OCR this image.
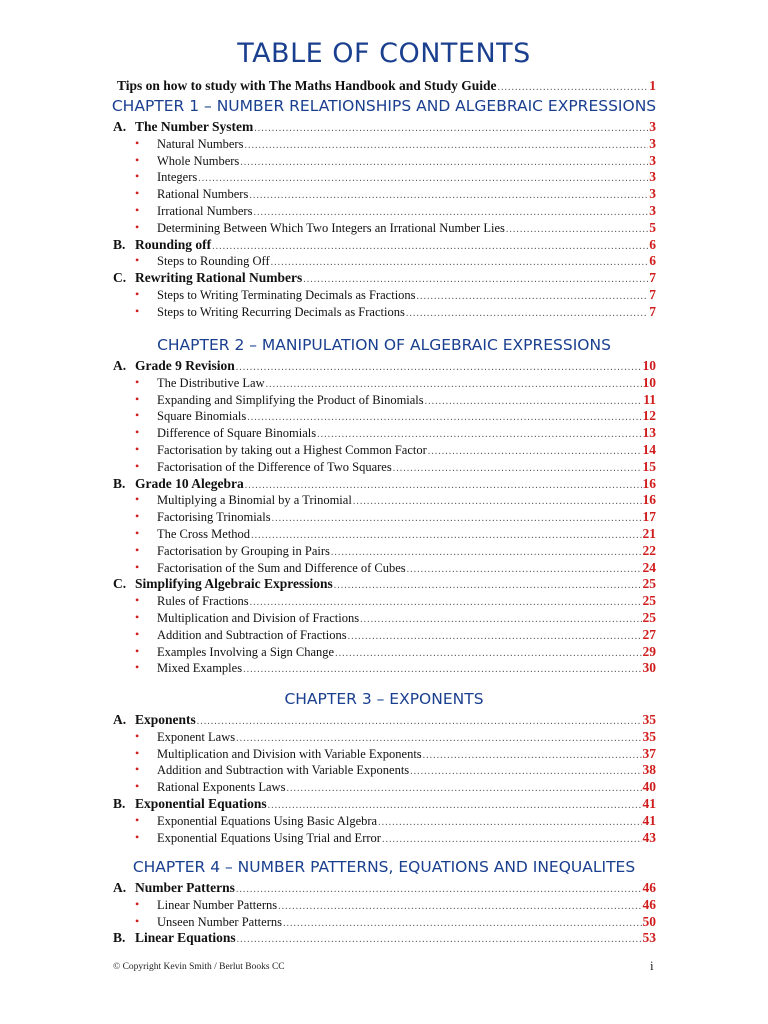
TABLE OF CONTENTS
Tips on how to study with The Maths Handbook and Study Guide .....	1
CHAPTER 1 – NUMBER RELATIONSHIPS AND ALGEBRAIC EXPRESSIONS
A. The Number System .....	3
•	Natural Numbers .....	3
•	Whole Numbers .....	3
•	Integers .....	3
•	Rational Numbers .....	3
•	Irrational Numbers .....	3
•	Determining Between Which Two Integers an Irrational Number Lies .....	5
B. Rounding off .....	6
•	Steps to Rounding Off .....	6
C. Rewriting Rational Numbers .....	7
•	Steps to Writing Terminating Decimals as Fractions .....	7
•	Steps to Writing Recurring Decimals as Fractions .....	7
CHAPTER 2 – MANIPULATION OF ALGEBRAIC EXPRESSIONS
A. Grade 9 Revision .....	10
•	The Distributive Law .....	10
•	Expanding and Simplifying the Product of Binomials .....	11
•	Square Binomials .....	12
•	Difference of Square Binomials .....	13
•	Factorisation by taking out a Highest Common Factor .....	14
•	Factorisation of the Difference of Two Squares .....	15
B. Grade 10 Alegebra .....	16
•	Multiplying a Binomial by a Trinomial .....	16
•	Factorising Trinomials .....	17
•	The Cross Method .....	21
•	Factorisation by Grouping in Pairs .....	22
•	Factorisation of the Sum and Difference of Cubes .....	24
C. Simplifying Algebraic Expressions .....	25
•	Rules of Fractions .....	25
•	Multiplication and Division of Fractions .....	25
•	Addition and Subtraction of Fractions .....	27
•	Examples Involving a Sign Change .....	29
•	Mixed Examples .....	30
CHAPTER 3 – EXPONENTS
A. Exponents .....	35
•	Exponent Laws .....	35
•	Multiplication and Division with Variable Exponents .....	37
•	Addition and Subtraction with Variable Exponents .....	38
•	Rational Exponents Laws .....	40
B. Exponential Equations .....	41
•	Exponential Equations Using Basic Algebra .....	41
•	Exponential Equations Using Trial and Error .....	43
CHAPTER 4 – NUMBER PATTERNS, EQUATIONS AND INEQUALITES
A. Number Patterns .....	46
•	Linear Number Patterns .....	46
•	Unseen Number Patterns .....	50
B. Linear Equations .....	53
© Copyright Kevin Smith / Berlut Books CC	i
